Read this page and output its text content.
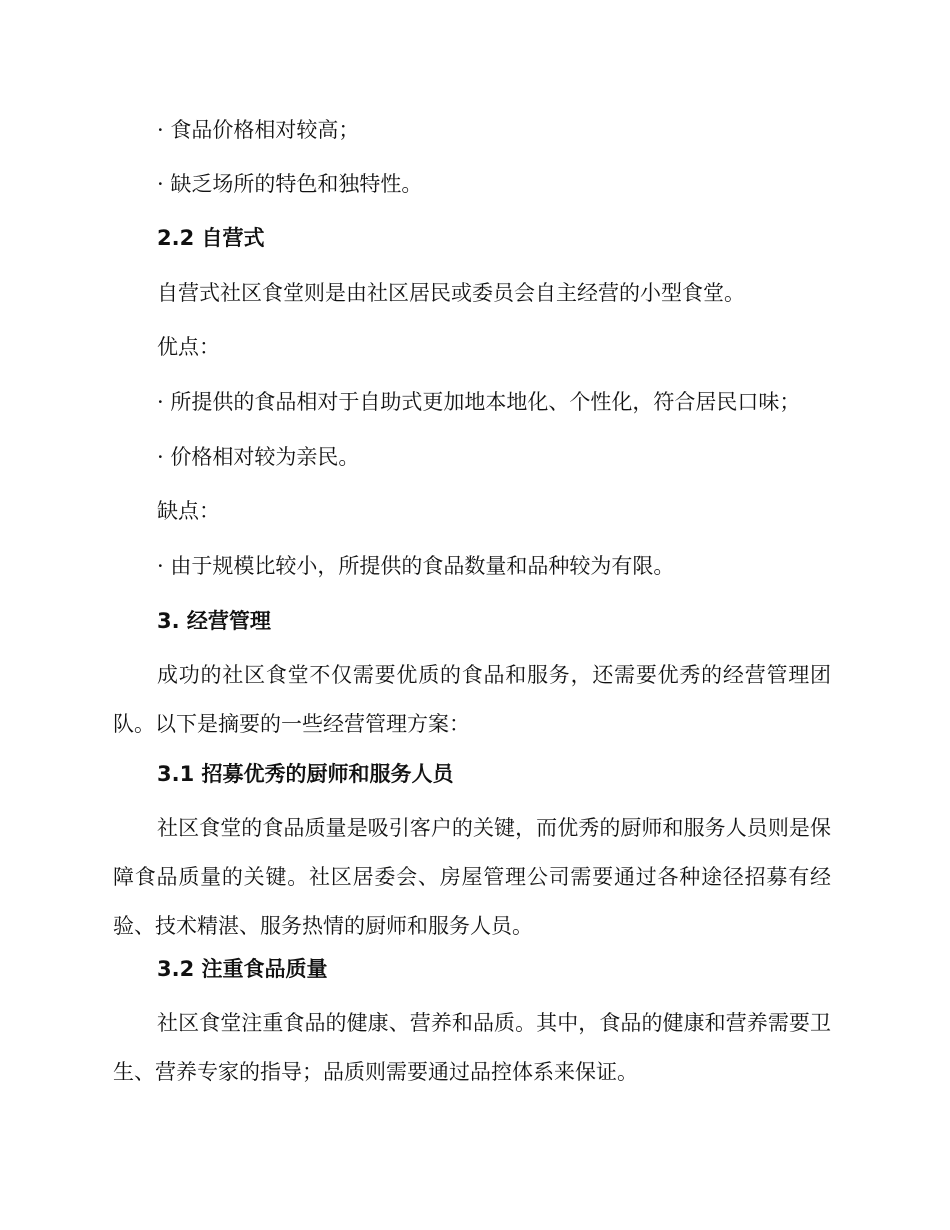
· 食品价格相对较高；
· 缺乏场所的特色和独特性。
2.2 自营式
自营式社区食堂则是由社区居民或委员会自主经营的小型食堂。
优点：
· 所提供的食品相对于自助式更加地本地化、个性化，符合居民口味；
· 价格相对较为亲民。
缺点：
· 由于规模比较小，所提供的食品数量和品种较为有限。
3. 经营管理
成功的社区食堂不仅需要优质的食品和服务，还需要优秀的经营管理团队。以下是摘要的一些经营管理方案：
3.1 招募优秀的厨师和服务人员
社区食堂的食品质量是吸引客户的关键，而优秀的厨师和服务人员则是保障食品质量的关键。社区居委会、房屋管理公司需要通过各种途径招募有经验、技术精湛、服务热情的厨师和服务人员。
3.2 注重食品质量
社区食堂注重食品的健康、营养和品质。其中，食品的健康和营养需要卫生、营养专家的指导；品质则需要通过品控体系来保证。
